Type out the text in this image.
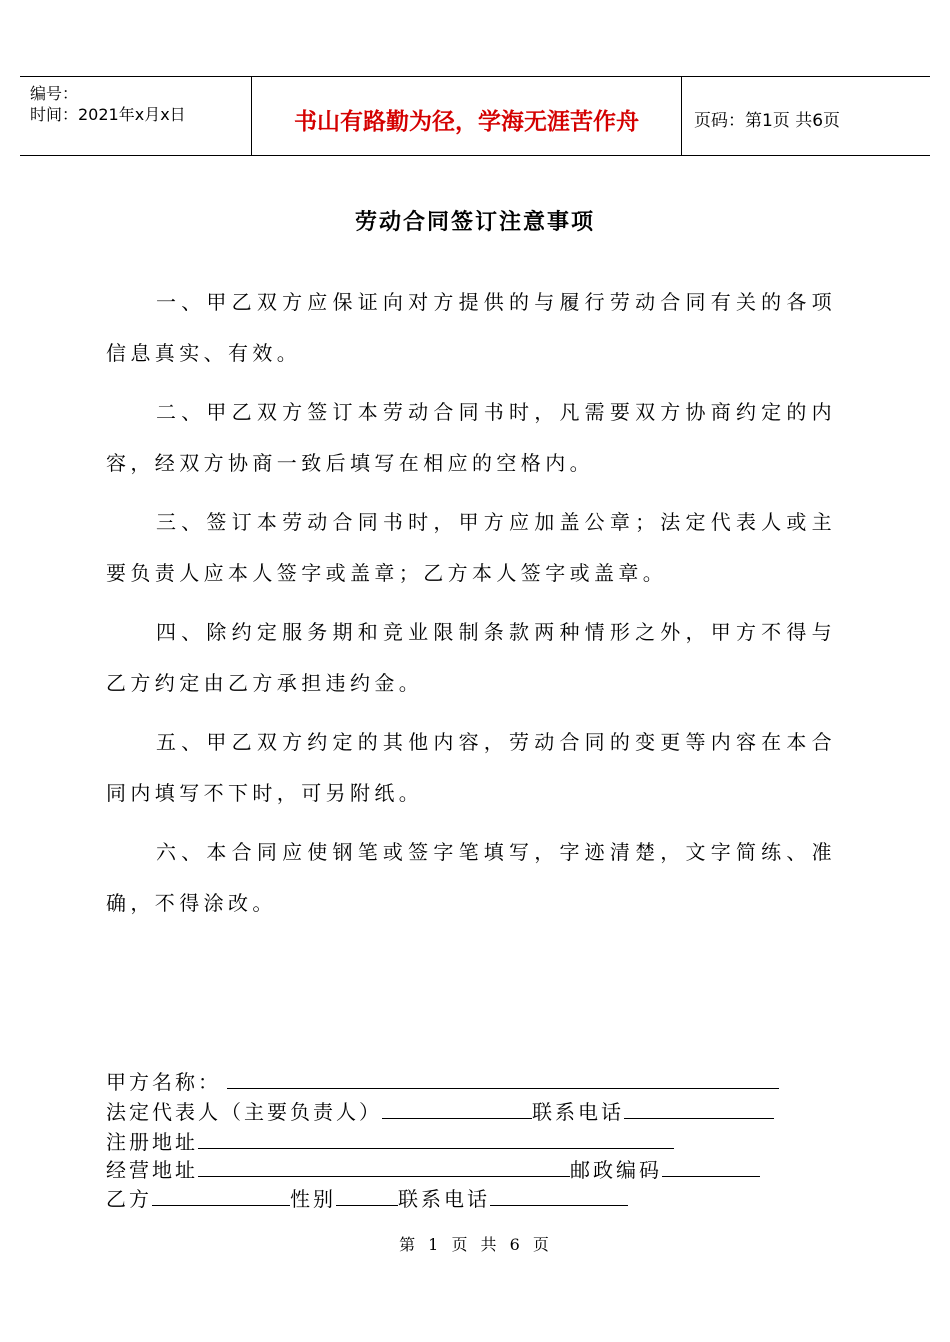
编号：
时间：2021年x月x日	书山有路勤为径，学海无涯苦作舟	页码：第1页 共6页
劳动合同签订注意事项

一、甲乙双方应保证向对方提供的与履行劳动合同有关的各项信息真实、有效。

二、甲乙双方签订本劳动合同书时，凡需要双方协商约定的内容，经双方协商一致后填写在相应的空格内。

三、签订本劳动合同书时，甲方应加盖公章；法定代表人或主要负责人应本人签字或盖章；乙方本人签字或盖章。

四、除约定服务期和竞业限制条款两种情形之外，甲方不得与乙方约定由乙方承担违约金。

五、甲乙双方约定的其他内容，劳动合同的变更等内容在本合同内填写不下时，可另附纸。

六、本合同应使钢笔或签字笔填写，字迹清楚，文字简练、准确，不得涂改。

甲方名称：
法定代表人（主要负责人）	联系电话
注册地址
经营地址	邮政编码
乙方	性别	联系电话
第 1 页 共 6 页
